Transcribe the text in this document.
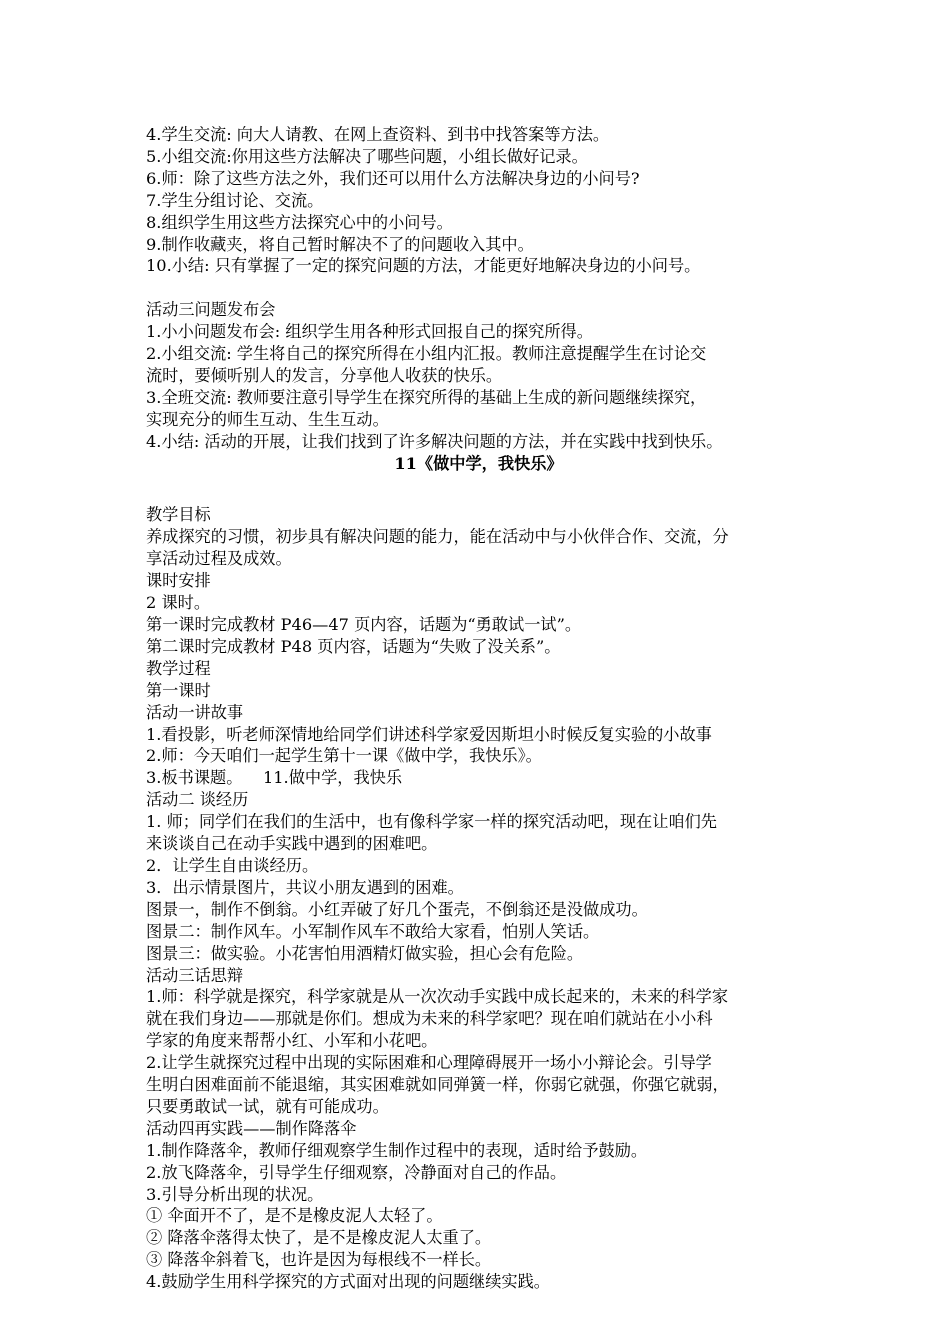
4.学生交流: 向大人请教、在网上查资料、到书中找答案等方法。

5.小组交流:你用这些方法解决了哪些问题，小组长做好记录。

6.师：除了这些方法之外，我们还可以用什么方法解决身边的小问号?

7.学生分组讨论、交流。

8.组织学生用这些方法探究心中的小问号。

9.制作收藏夹，将自己暂时解决不了的问题收入其中。

10.小结: 只有掌握了一定的探究问题的方法，才能更好地解决身边的小问号。

活动三问题发布会

1.小小问题发布会: 组织学生用各种形式回报自己的探究所得。

2.小组交流: 学生将自己的探究所得在小组内汇报。教师注意提醒学生在讨论交

流时，要倾听别人的发言，分享他人收获的快乐。

3.全班交流: 教师要注意引导学生在探究所得的基础上生成的新问题继续探究，

实现充分的师生互动、生生互动。

4.小结: 活动的开展，让我们找到了许多解决问题的方法，并在实践中找到快乐。

11《做中学，我快乐》

教学目标

养成探究的习惯，初步具有解决问题的能力，能在活动中与小伙伴合作、交流，分

享活动过程及成效。

课时安排

2 课时。

第一课时完成教材 P46—47 页内容，话题为“勇敢试一试”。

第二课时完成教材 P48 页内容，话题为“失败了没关系”。

教学过程

第一课时

活动一讲故事

1.看投影，听老师深情地给同学们讲述科学家爱因斯坦小时候反复实验的小故事

2.师：今天咱们一起学生第十一课《做中学，我快乐》。

3.板书课题。    11.做中学，我快乐

活动二 谈经历

1. 师；同学们在我们的生活中，也有像科学家一样的探究活动吧，现在让咱们先

来谈谈自己在动手实践中遇到的困难吧。

2．让学生自由谈经历。

3．出示情景图片，共议小朋友遇到的困难。

图景一，制作不倒翁。小红弄破了好几个蛋壳，不倒翁还是没做成功。

图景二：制作风车。小军制作风车不敢给大家看，怕别人笑话。

图景三：做实验。小花害怕用酒精灯做实验，担心会有危险。

活动三话思辩

1.师：科学就是探究，科学家就是从一次次动手实践中成长起来的，未来的科学家

就在我们身边——那就是你们。想成为未来的科学家吧？现在咱们就站在小小科

学家的角度来帮帮小红、小军和小花吧。

2.让学生就探究过程中出现的实际困难和心理障碍展开一场小小辩论会。引导学

生明白困难面前不能退缩，其实困难就如同弹簧一样，你弱它就强，你强它就弱，

只要勇敢试一试，就有可能成功。

活动四再实践——制作降落伞

1.制作降落伞，教师仔细观察学生制作过程中的表现，适时给予鼓励。

2.放飞降落伞，引导学生仔细观察，冷静面对自己的作品。

3.引导分析出现的状况。

① 伞面开不了，是不是橡皮泥人太轻了。

② 降落伞落得太快了，是不是橡皮泥人太重了。

③ 降落伞斜着飞，也许是因为每根线不一样长。

4.鼓励学生用科学探究的方式面对出现的问题继续实践。
